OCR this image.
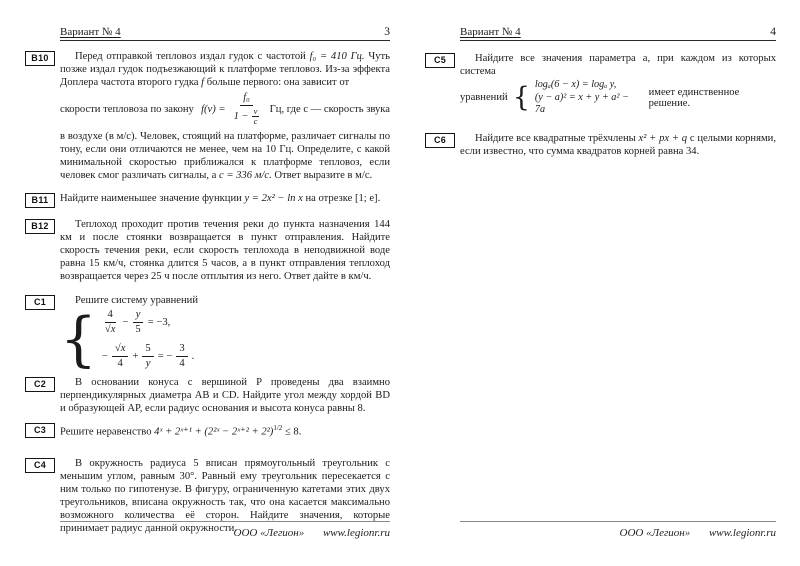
Вариант № 4	3
B10	Перед отправкой тепловоз издал гудок с частотой f₀ = 410 Гц. Чуть позже издал гудок подъезжающий к платформе тепловоз. Из-за эффекта Доплера частота второго гудка f больше первого: она зависит от

скорости тепловоза по закону $f(\nu) = \frac{\text{f₀}}{1 - \frac{\nu}{c}}$ Гц, где c — скорость звука

в воздухе (в м/с). Человек, стоящий на платформе, различает сигналы по тону, если они отличаются не менее, чем на 10 Гц. Определите, с какой минимальной скоростью приближался к платформе тепловоз, если человек смог различать сигналы, а c = 336 м/с. Ответ выразите в м/с.

B11	Найдите наименьшее значение функции y = 2x² − ln x на отрезке [1; e].

B12	Теплоход проходит против течения реки до пункта назначения 144 км и после стоянки возвращается в пункт отправления. Найдите скорость течения реки, если скорость теплохода в неподвижной воде равна 15 км/ч, стоянка длится 5 часов, а в пункт отправления теплоход возвращается через 25 ч после отплытия из него. Ответ дайте в км/ч.

C1	Решите систему уравнений

{ $\frac{4}{√x} - \frac{y}{5} = -3$,
− $\frac{√x}{4} + \frac{5}{y}$ = − $\frac{3}{4}$ .
C2	В основании конуса с вершиной P проведены два взаимно перпендикулярных диаметра AB и CD. Найдите угол между хордой BD и образующей AP, если радиус основания и высота конуса равны 8.

C3	Решите неравенство 4ˣ + 2ˣ⁺¹ + (2²ˣ − 2ˣ⁺² + 2²)$^{1/2}$ ≤ 8.

C4	В окружность радиуса 5 вписан прямоугольный треугольник с меньшим углом, равным 30°. Равный ему треугольник пересекается с ним только по гипотенузе. В фигуру, ограниченную катетами этих двух треугольников, вписана окружность так, что она касается максимально возможного количества её сторон. Найдите значения, которые принимает радиус данной окружности.

ООО «Легион» www.legionr.ru
Вариант № 4	4
C5	Найдите все значения параметра a, при каждом из которых система

уравнений { logₐ(6 − x) = logₐ y,
(y − a)² = x + y + a² − 7a
имеет единственное решение.
C6	Найдите все квадратные трёхчлены x² + px + q с целыми корнями, если известно, что сумма квадратов корней равна 34.

ООО «Легион» www.legionr.ru
